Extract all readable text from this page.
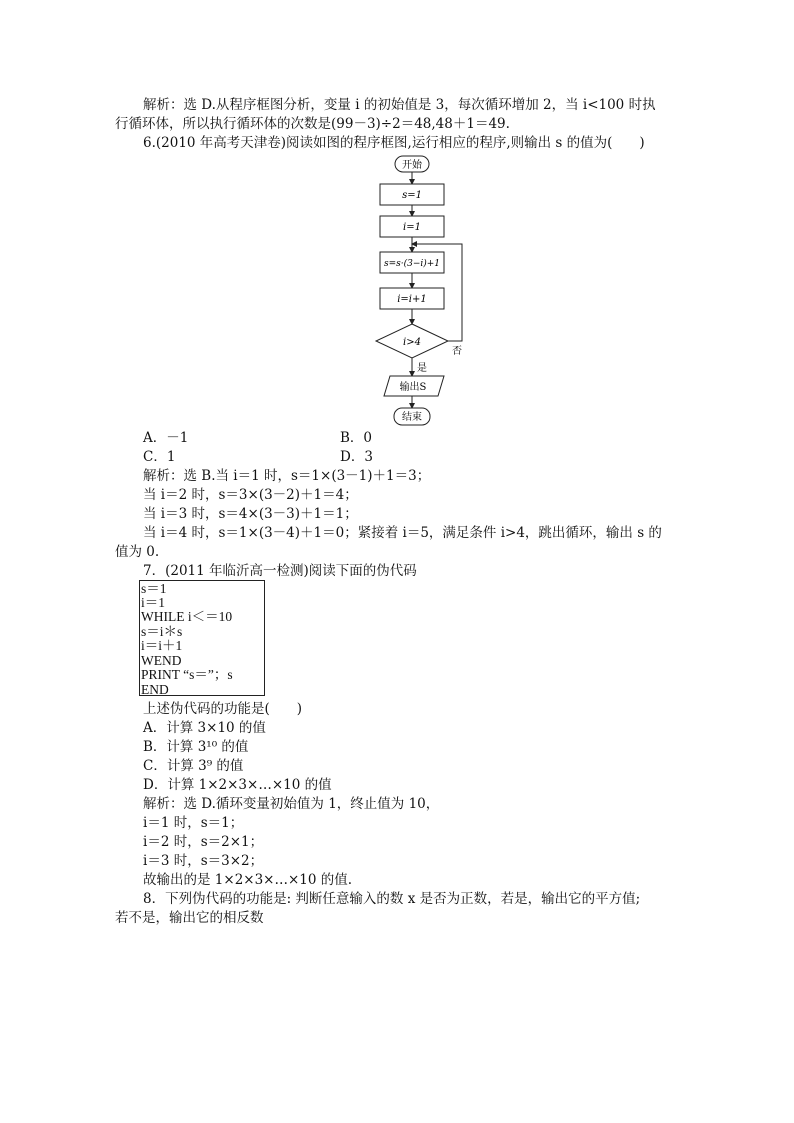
解析：选 D.从程序框图分析，变量 i 的初始值是 3，每次循环增加 2，当 i<100 时执
行循环体，所以执行循环体的次数是(99－3)÷2＝48,48＋1＝49.
6.(2010 年高考天津卷)阅读如图的程序框图,运行相应的程序,则输出 s 的值为(　　)
开始
s=1
i=1
s=s·(3−i)+1
i=i+1
i>4
否
是
输出S
结束
A．－1	B．0
C．1	D．3
解析：选 B.当 i＝1 时，s＝1×(3－1)＋1＝3；
当 i＝2 时，s＝3×(3－2)＋1＝4；
当 i＝3 时，s＝4×(3－3)＋1＝1；
当 i＝4 时，s＝1×(3－4)＋1＝0；紧接着 i＝5，满足条件 i>4，跳出循环，输出 s 的
值为 0.
7．(2011 年临沂高一检测)阅读下面的伪代码
s＝1
i＝1
WHILE i＜＝10
s＝i＊s
i＝i＋1
WEND
PRINT “s＝”；s
END
上述伪代码的功能是(　　)
A．计算 3×10 的值
B．计算 3¹⁰ 的值
C．计算 3⁹ 的值
D．计算 1×2×3×…×10 的值
解析：选 D.循环变量初始值为 1，终止值为 10，
i＝1 时，s＝1；
i＝2 时，s＝2×1；
i＝3 时，s＝3×2；
故输出的是 1×2×3×…×10 的值.
8．下列伪代码的功能是: 判断任意输入的数 x 是否为正数，若是，输出它的平方值;
若不是，输出它的相反数
